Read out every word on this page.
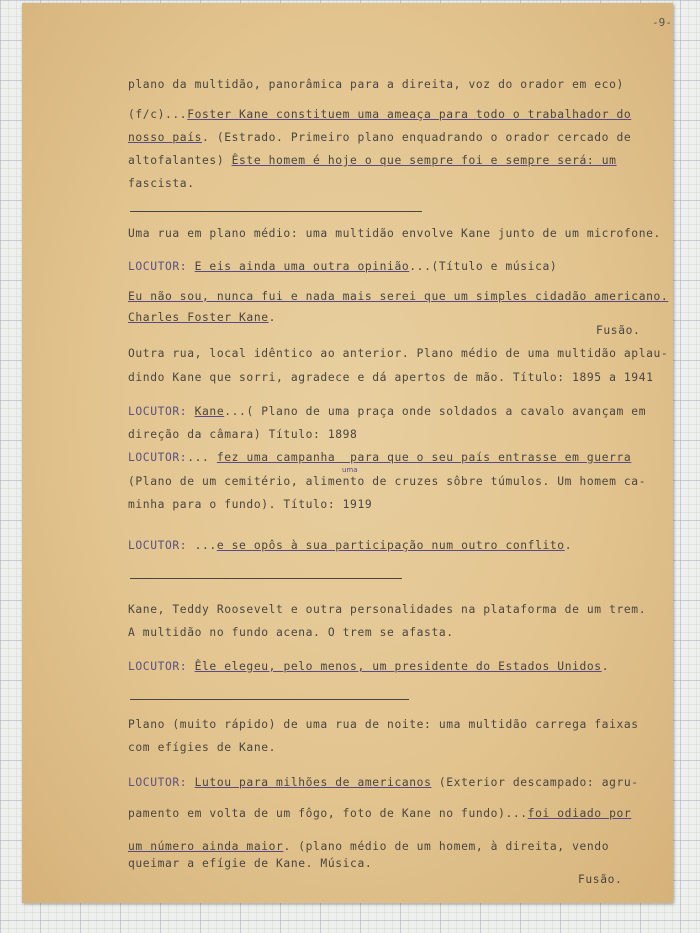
-9-
plano da multidão, panorâmica para a direita, voz do orador em eco)
(f/c)...Foster Kane constituem uma ameaça para todo o trabalhador do
nosso país. (Estrado. Primeiro plano enquadrando o orador cercado de
altofalantes) Êste homem é hoje o que sempre foi e sempre será: um
fascista.
Uma rua em plano médio: uma multidão envolve Kane junto de um microfone.
LOCUTOR: E eis ainda uma outra opinião...(Título e música)
Eu não sou, nunca fui e nada mais serei que um simples cidadão americano.
Charles Foster Kane.
Fusão.
Outra rua, local idêntico ao anterior. Plano médio de uma multidão aplau-
dindo Kane que sorri, agradece e dá apertos de mão. Título: 1895 a 1941
LOCUTOR: Kane...( Plano de uma praça onde soldados a cavalo avançam em
direção da câmara) Título: 1898
LOCUTOR:... fez uma campanha  para que o seu país entrasse em guerra
uma
(Plano de um cemitério, alimento de cruzes sôbre túmulos. Um homem ca-
minha para o fundo). Título: 1919
LOCUTOR: ...e se opôs à sua participação num outro conflito.
Kane, Teddy Roosevelt e outra personalidades na plataforma de um trem.
A multidão no fundo acena. O trem se afasta.
LOCUTOR: Êle elegeu, pelo menos, um presidente do Estados Unidos.
Plano (muito rápido) de uma rua de noite: uma multidão carrega faixas
com efígies de Kane.
LOCUTOR: Lutou para milhões de americanos (Exterior descampado: agru-
pamento em volta de um fôgo, foto de Kane no fundo)...foi odiado por
um número ainda maior. (plano médio de um homem, à direita, vendo
queimar a efígie de Kane. Música.
Fusão.
